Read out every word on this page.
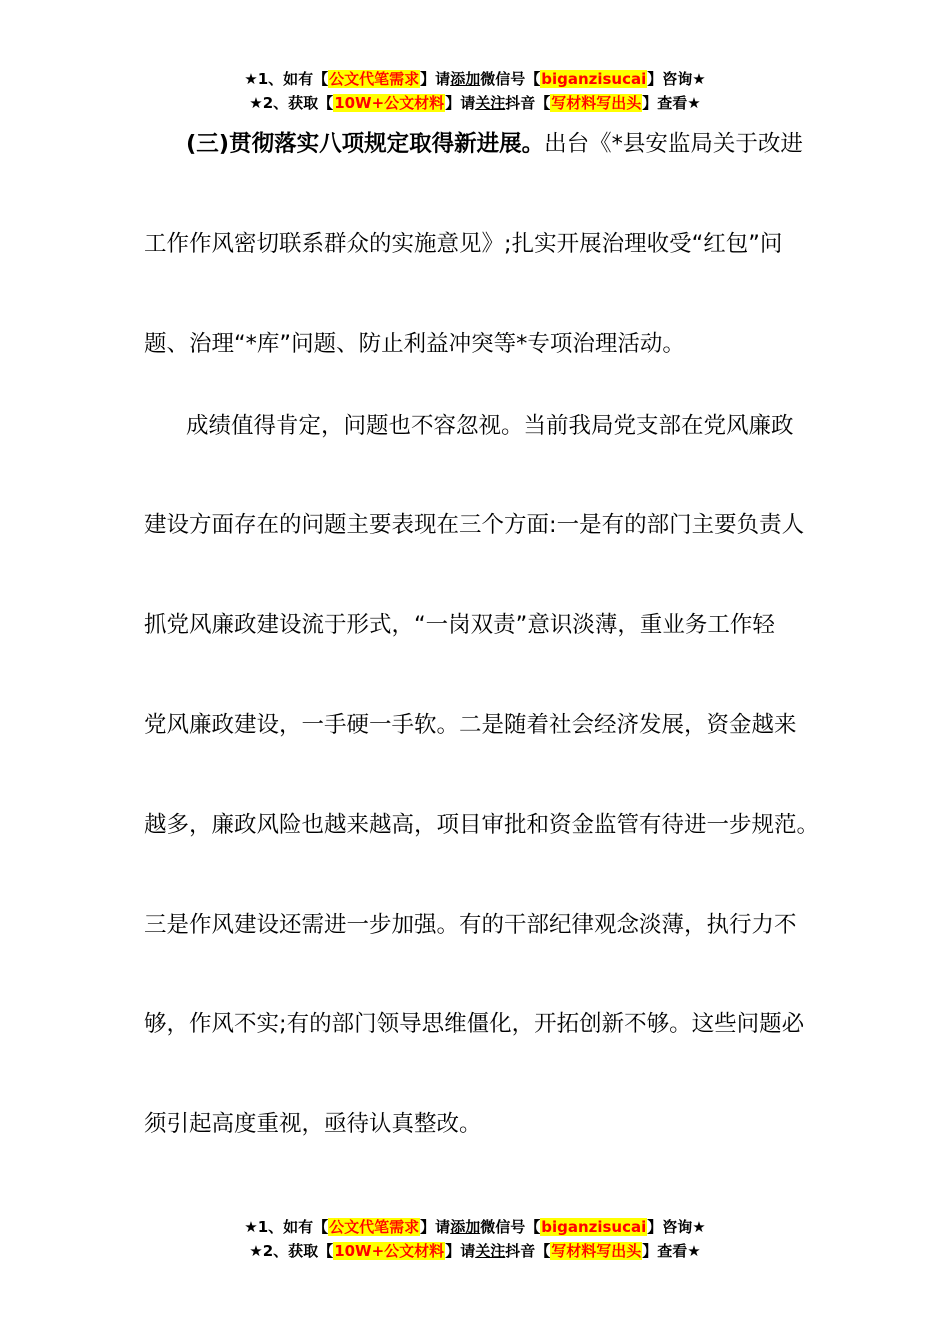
★1、如有【公文代笔需求】请添加微信号【biganzisucai】咨询★
★2、获取【10W+公文材料】请关注抖音【写材料写出头】查看★
(三)贯彻落实八项规定取得新进展。出台《*县安监局关于改进
工作作风密切联系群众的实施意见》;扎实开展治理收受“红包”问
题、治理“*库”问题、防止利益冲突等*专项治理活动。
成绩值得肯定，问题也不容忽视。当前我局党支部在党风廉政
建设方面存在的问题主要表现在三个方面:一是有的部门主要负责人
抓党风廉政建设流于形式，“一岗双责”意识淡薄，重业务工作轻
党风廉政建设，一手硬一手软。二是随着社会经济发展，资金越来
越多，廉政风险也越来越高，项目审批和资金监管有待进一步规范。
三是作风建设还需进一步加强。有的干部纪律观念淡薄，执行力不
够，作风不实;有的部门领导思维僵化，开拓创新不够。这些问题必
须引起高度重视，亟待认真整改。
★1、如有【公文代笔需求】请添加微信号【biganzisucai】咨询★
★2、获取【10W+公文材料】请关注抖音【写材料写出头】查看★
